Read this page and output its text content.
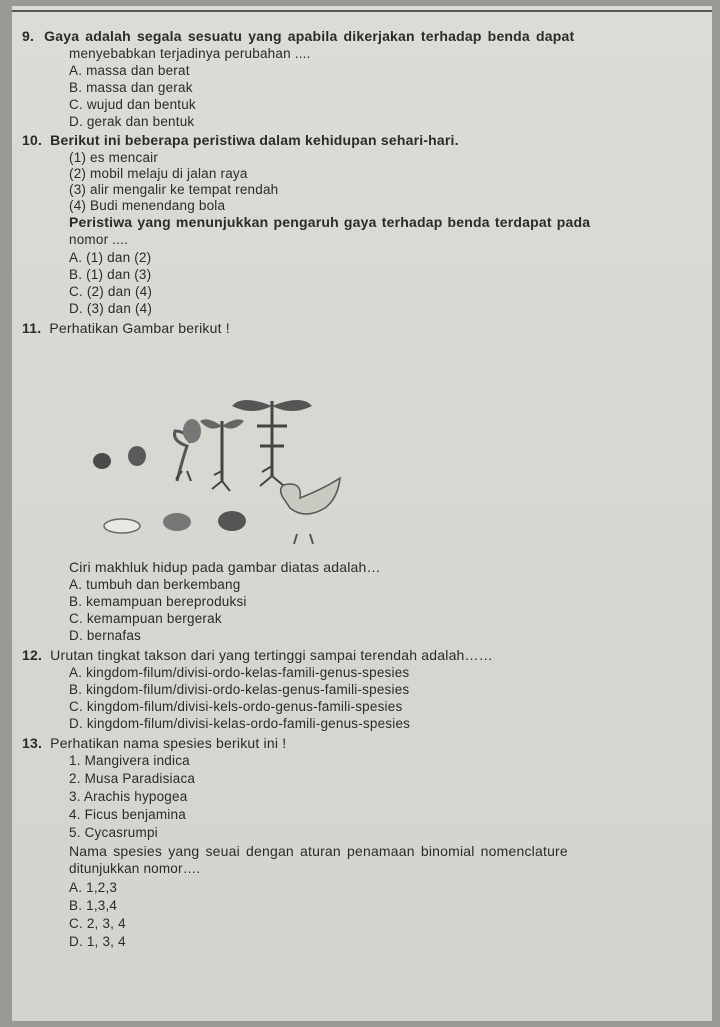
9. Gaya adalah segala sesuatu yang apabila dikerjakan terhadap benda dapat
menyebabkan terjadinya perubahan ....
A. massa dan berat
B. massa dan gerak
C. wujud dan bentuk
D. gerak dan bentuk
10. Berikut ini beberapa peristiwa dalam kehidupan sehari-hari.
(1) es mencair
(2) mobil melaju di jalan raya
(3) alir mengalir ke tempat rendah
(4) Budi menendang bola
Peristiwa yang menunjukkan pengaruh gaya terhadap benda terdapat pada
nomor ....
A. (1) dan (2)
B. (1) dan (3)
C. (2) dan (4)
D. (3) dan (4)
11. Perhatikan Gambar berikut !
Ciri makhluk hidup pada gambar diatas adalah…
A. tumbuh dan berkembang
B. kemampuan bereproduksi
C. kemampuan bergerak
D. bernafas
12. Urutan tingkat takson dari yang tertinggi sampai terendah adalah……
A. kingdom-filum/divisi-ordo-kelas-famili-genus-spesies
B. kingdom-filum/divisi-ordo-kelas-genus-famili-spesies
C. kingdom-filum/divisi-kels-ordo-genus-famili-spesies
D. kingdom-filum/divisi-kelas-ordo-famili-genus-spesies
13. Perhatikan nama spesies berikut ini !
1. Mangivera indica
2. Musa Paradisiaca
3. Arachis hypogea
4. Ficus benjamina
5. Cycasrumpi
Nama spesies yang seuai dengan aturan penamaan binomial nomenclature
ditunjukkan nomor….
A. 1,2,3
B. 1,3,4
C. 2, 3, 4
D. 1, 3, 4
